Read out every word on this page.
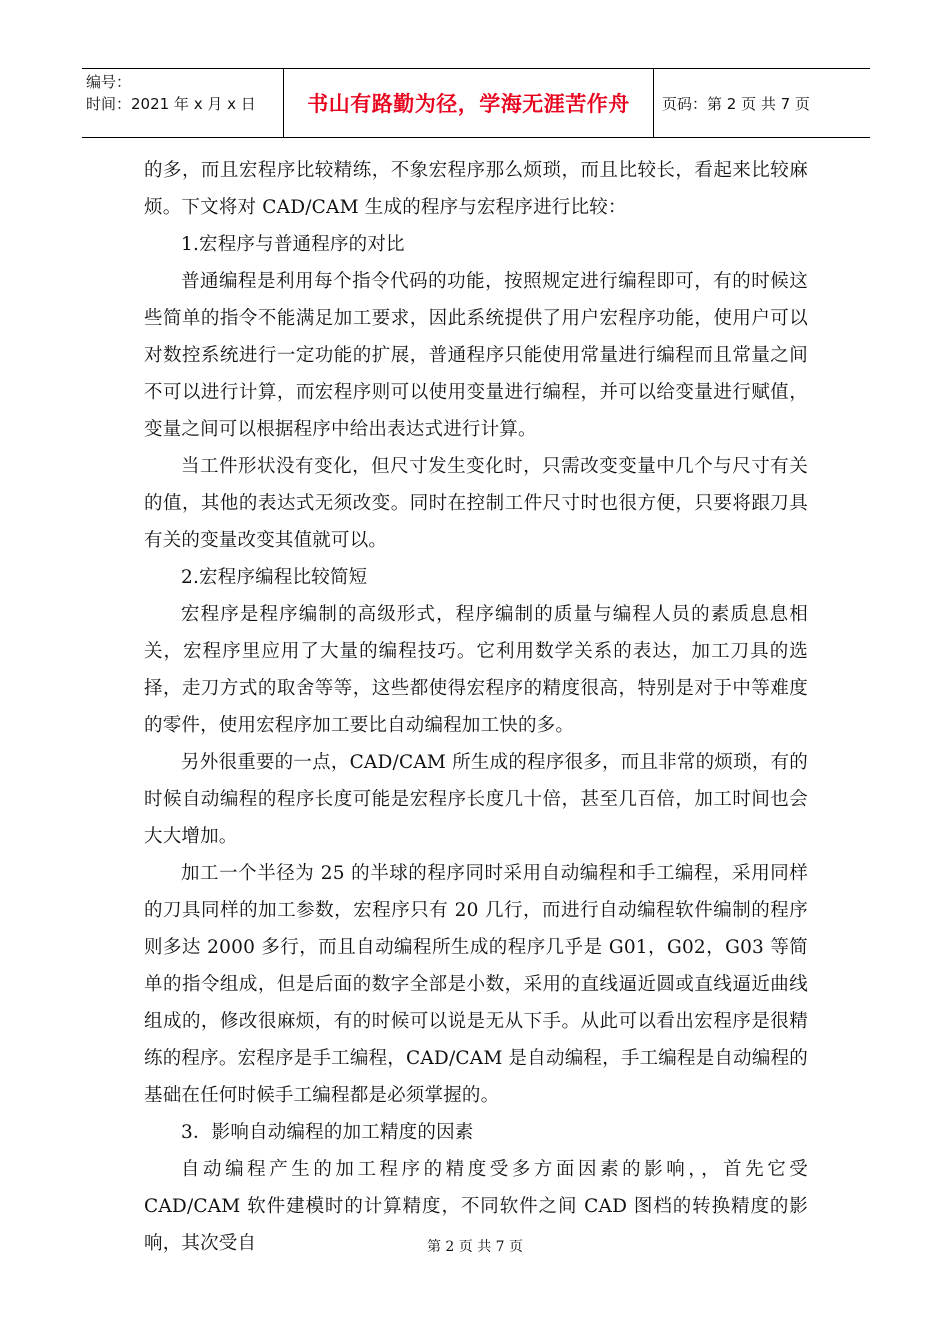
编号：
时间：2021 年 x 月 x 日	书山有路勤为径，学海无涯苦作舟 页码：第 2 页 共 7 页

的多，而且宏程序比较精练，不象宏程序那么烦琐，而且比较长，看起来比较麻烦。下文将对 CAD/CAM 生成的程序与宏程序进行比较：

1.宏程序与普通程序的对比

普通编程是利用每个指令代码的功能，按照规定进行编程即可，有的时候这些简单的指令不能满足加工要求，因此系统提供了用户宏程序功能，使用户可以对数控系统进行一定功能的扩展，普通程序只能使用常量进行编程而且常量之间不可以进行计算，而宏程序则可以使用变量进行编程，并可以给变量进行赋值，变量之间可以根据程序中给出表达式进行计算。

当工件形状没有变化，但尺寸发生变化时，只需改变变量中几个与尺寸有关的值，其他的表达式无须改变。同时在控制工件尺寸时也很方便，只要将跟刀具有关的变量改变其值就可以。

2.宏程序编程比较简短

宏程序是程序编制的高级形式，程序编制的质量与编程人员的素质息息相关，宏程序里应用了大量的编程技巧。它利用数学关系的表达，加工刀具的选择，走刀方式的取舍等等，这些都使得宏程序的精度很高，特别是对于中等难度的零件，使用宏程序加工要比自动编程加工快的多。

另外很重要的一点，CAD/CAM 所生成的程序很多，而且非常的烦琐，有的时候自动编程的程序长度可能是宏程序长度几十倍，甚至几百倍，加工时间也会大大增加。

加工一个半径为 25 的半球的程序同时采用自动编程和手工编程，采用同样的刀具同样的加工参数，宏程序只有 20 几行，而进行自动编程软件编制的程序则多达 2000 多行，而且自动编程所生成的程序几乎是 G01，G02，G03 等简单的指令组成，但是后面的数字全部是小数，采用的直线逼近圆或直线逼近曲线组成的，修改很麻烦，有的时候可以说是无从下手。从此可以看出宏程序是很精练的程序。宏程序是手工编程，CAD/CAM 是自动编程，手工编程是自动编程的基础在任何时候手工编程都是必须掌握的。

3．影响自动编程的加工精度的因素

自动编程产生的加工程序的精度受多方面因素的影响，，首先它受 CAD/CAM 软件建模时的计算精度，不同软件之间 CAD 图档的转换精度的影响，其次受自	第 2 页 共 7 页
